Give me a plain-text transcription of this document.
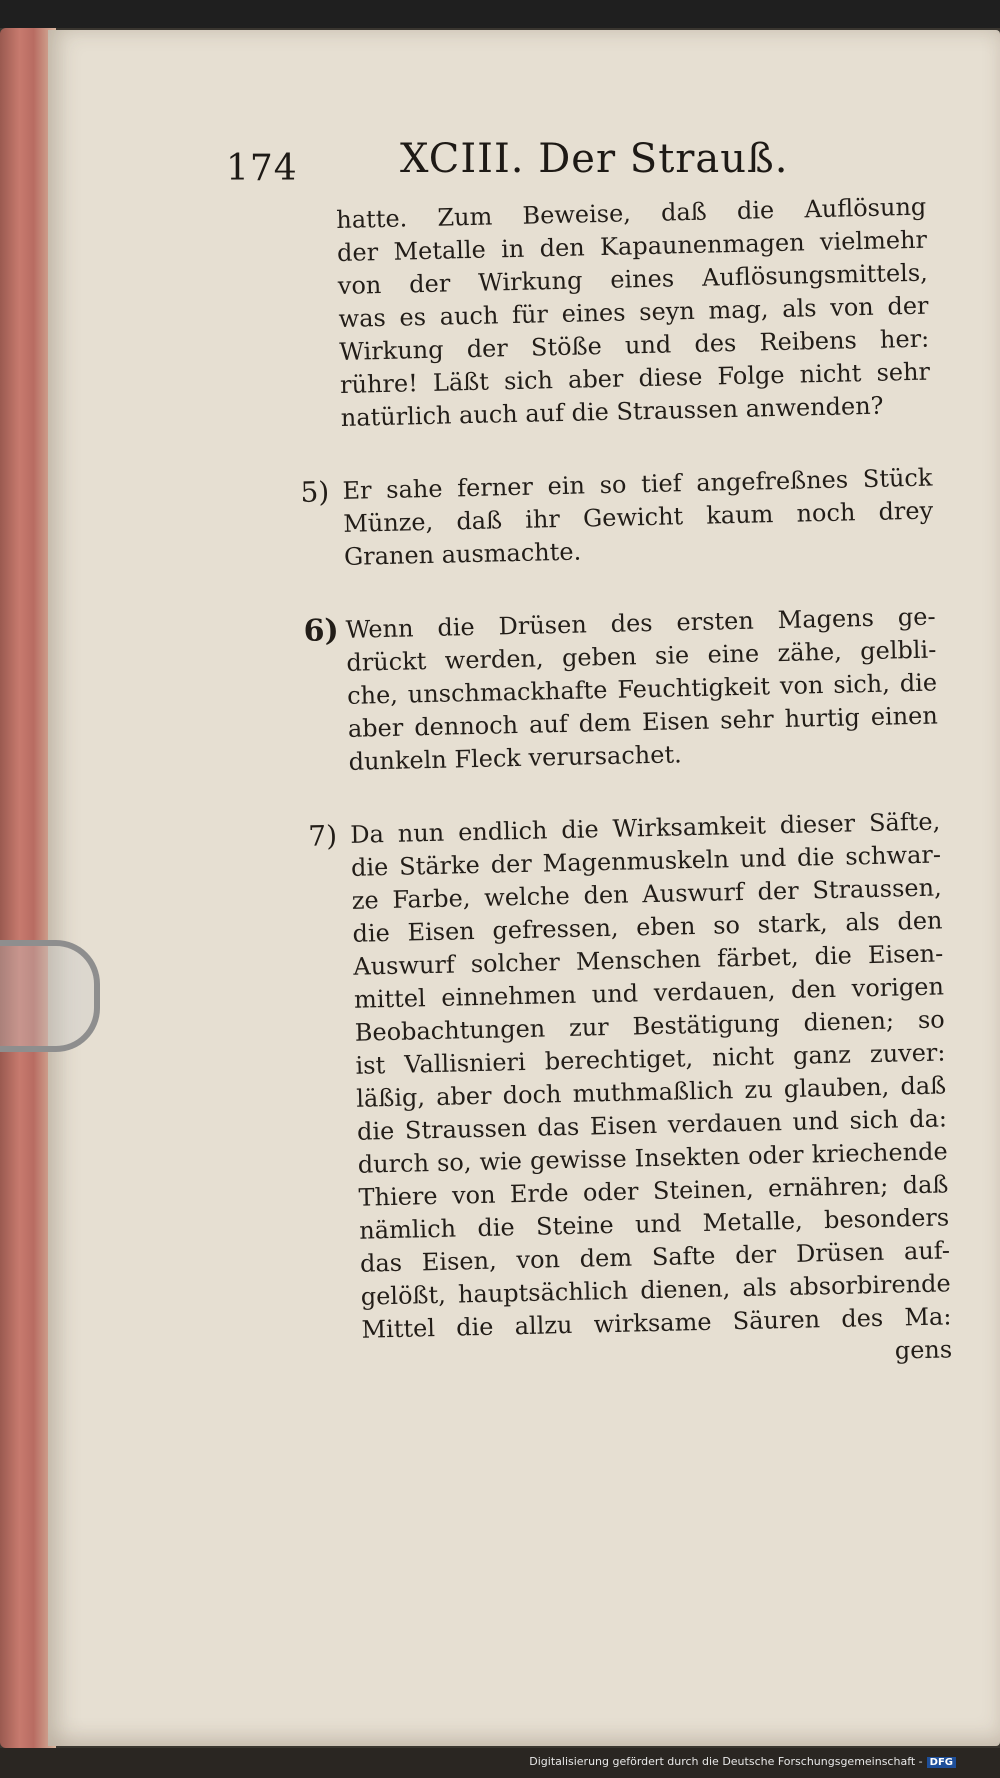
174	XCIII. Der Strauß.
hatte. Zum Beweise, daß die Auflösung
der Metalle in den Kapaunenmagen vielmehr
von der Wirkung eines Auflösungsmittels,
was es auch für eines seyn mag, als von der
Wirkung der Stöße und des Reibens her:
rühre! Läßt sich aber diese Folge nicht sehr
natürlich auch auf die Straussen anwenden?
5) Er sahe ferner ein so tief angefreßnes Stück
Münze, daß ihr Gewicht kaum noch drey
Granen ausmachte.
6) Wenn die Drüsen des ersten Magens ge-
drückt werden, geben sie eine zähe, gelbli-
che, unschmackhafte Feuchtigkeit von sich, die
aber dennoch auf dem Eisen sehr hurtig einen
dunkeln Fleck verursachet.
7) Da nun endlich die Wirksamkeit dieser Säfte,
die Stärke der Magenmuskeln und die schwar-
ze Farbe, welche den Auswurf der Straussen,
die Eisen gefressen, eben so stark, als den
Auswurf solcher Menschen färbet, die Eisen-
mittel einnehmen und verdauen, den vorigen
Beobachtungen zur Bestätigung dienen; so
ist Vallisnieri berechtiget, nicht ganz zuver:
läßig, aber doch muthmaßlich zu glauben, daß
die Straussen das Eisen verdauen und sich da:
durch so, wie gewisse Insekten oder kriechende
Thiere von Erde oder Steinen, ernähren; daß
nämlich die Steine und Metalle, besonders
das Eisen, von dem Safte der Drüsen auf-
gelößt, hauptsächlich dienen, als absorbirende
Mittel die allzu wirksame Säuren des Ma:
gens
Digitalisierung gefördert durch die Deutsche Forschungsgemeinschaft - DFG
